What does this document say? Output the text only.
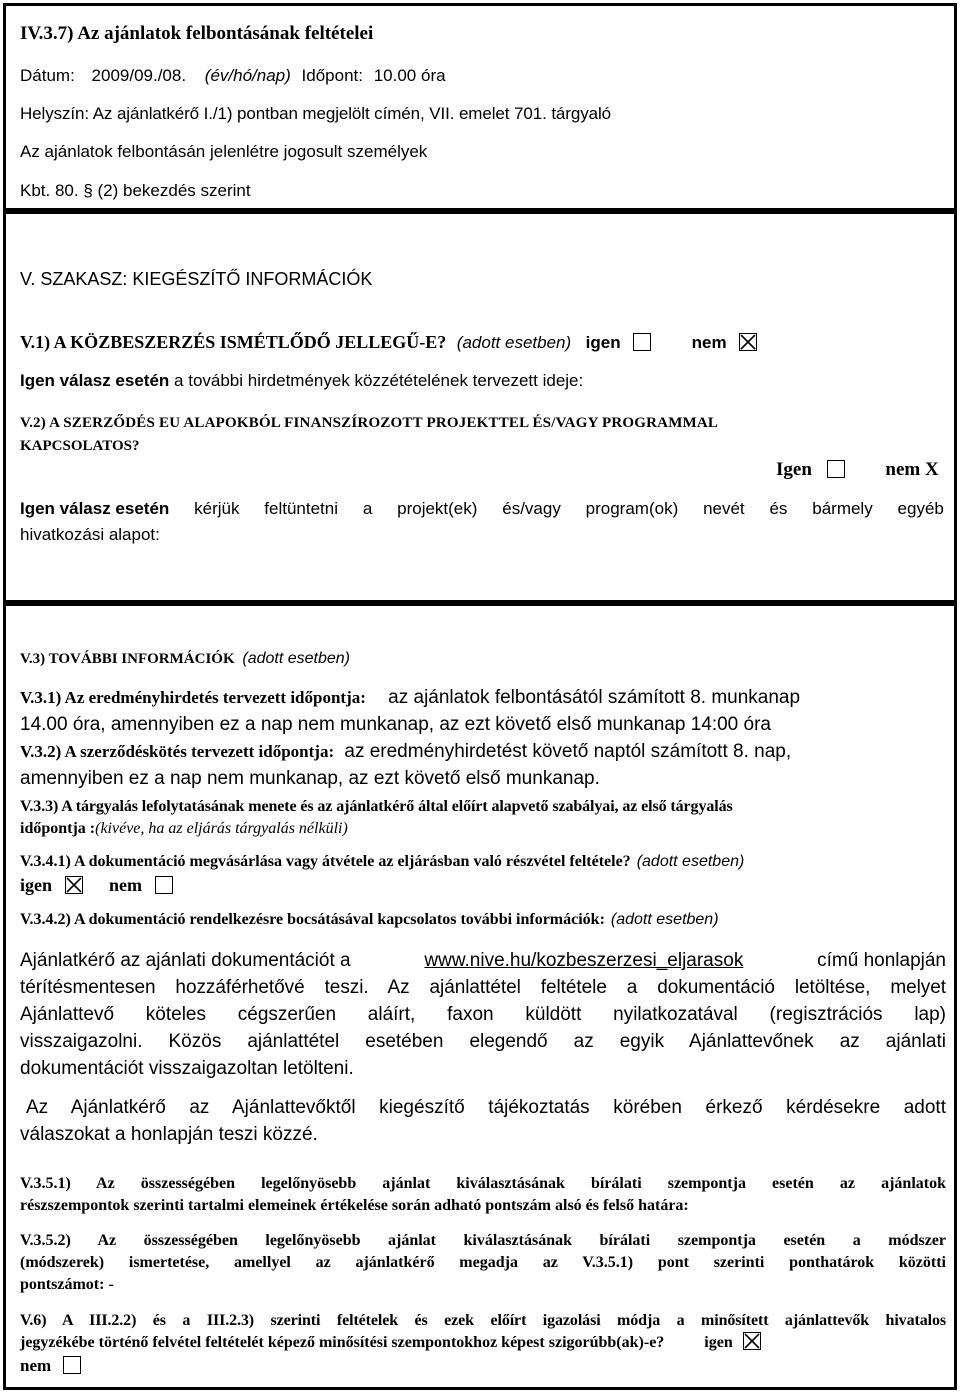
IV.3.7) Az ajánlatok felbontásának feltételei
Dátum: 2009/09./08. (év/hó/nap) Időpont: 10.00 óra
Helyszín: Az ajánlatkérő I./1) pontban megjelölt címén, VII. emelet 701. tárgyaló
Az ajánlatok felbontásán jelenlétre jogosult személyek
Kbt. 80. § (2) bekezdés szerint
V. SZAKASZ: KIEGÉSZÍTŐ INFORMÁCIÓK
V.1) A KÖZBESZERZÉS ISMÉTLŐDŐ JELLEGŰ-E? (adott esetben) igen	nem
Igen válasz esetén a további hirdetmények közzétételének tervezett ideje:
V.2) A SZERZŐDÉS EU ALAPOKBÓL FINANSZÍROZOTT PROJEKTTEL ÉS/VAGY PROGRAMMAL
KAPCSOLATOS?
Igen	nem X
Igen válasz esetén kérjük feltüntetni a projekt(ek) és/vagy program(ok) nevét és bármely egyéb
hivatkozási alapot:
V.3) TOVÁBBI INFORMÁCIÓK (adott esetben)
V.3.1) Az eredményhirdetés tervezett időpontja: az ajánlatok felbontásától számított 8. munkanap
14.00 óra, amennyiben ez a nap nem munkanap, az ezt követő első munkanap 14:00 óra
V.3.2) A szerződéskötés tervezett időpontja: az eredményhirdetést követő naptól számított 8. nap,
amennyiben ez a nap nem munkanap, az ezt követő első munkanap.
V.3.3) A tárgyalás lefolytatásának menete és az ajánlatkérő által előírt alapvető szabályai, az első tárgyalás
időpontja :(kivéve, ha az eljárás tárgyalás nélküli)
V.3.4.1) A dokumentáció megvásárlása vagy átvétele az eljárásban való részvétel feltétele? (adott esetben)
igen	nem
V.3.4.2) A dokumentáció rendelkezésre bocsátásával kapcsolatos további információk: (adott esetben)
Ajánlatkérő az ajánlati dokumentációt a	www.nive.hu/kozbeszerzesi_eljarasok	című honlapján
térítésmentesen hozzáférhetővé teszi. Az ajánlattétel feltétele a dokumentáció letöltése, melyet
Ajánlattevő köteles cégszerűen aláírt, faxon küldött nyilatkozatával (regisztrációs lap)
visszaigazolni. Közös ajánlattétel esetében elegendő az egyik Ajánlattevőnek az ajánlati
dokumentációt visszaigazoltan letölteni.
Az Ajánlatkérő az Ajánlattevőktől kiegészítő tájékoztatás körében érkező kérdésekre adott
válaszokat a honlapján teszi közzé.
V.3.5.1) Az összességében legelőnyösebb ajánlat kiválasztásának bírálati szempontja esetén az ajánlatok
részszempontok szerinti tartalmi elemeinek értékelése során adható pontszám alsó és felső határa:
V.3.5.2) Az összességében legelőnyösebb ajánlat kiválasztásának bírálati szempontja esetén a módszer
(módszerek) ismertetése, amellyel az ajánlatkérő megadja az V.3.5.1) pont szerinti ponthatárok közötti
pontszámot: -
V.6) A III.2.2) és a III.2.3) szerinti feltételek és ezek előírt igazolási módja a minősített ajánlattevők hivatalos
jegyzékébe történő felvétel feltételét képező minősítési szempontokhoz képest szigorúbb(ak)-e?	igen
nem
